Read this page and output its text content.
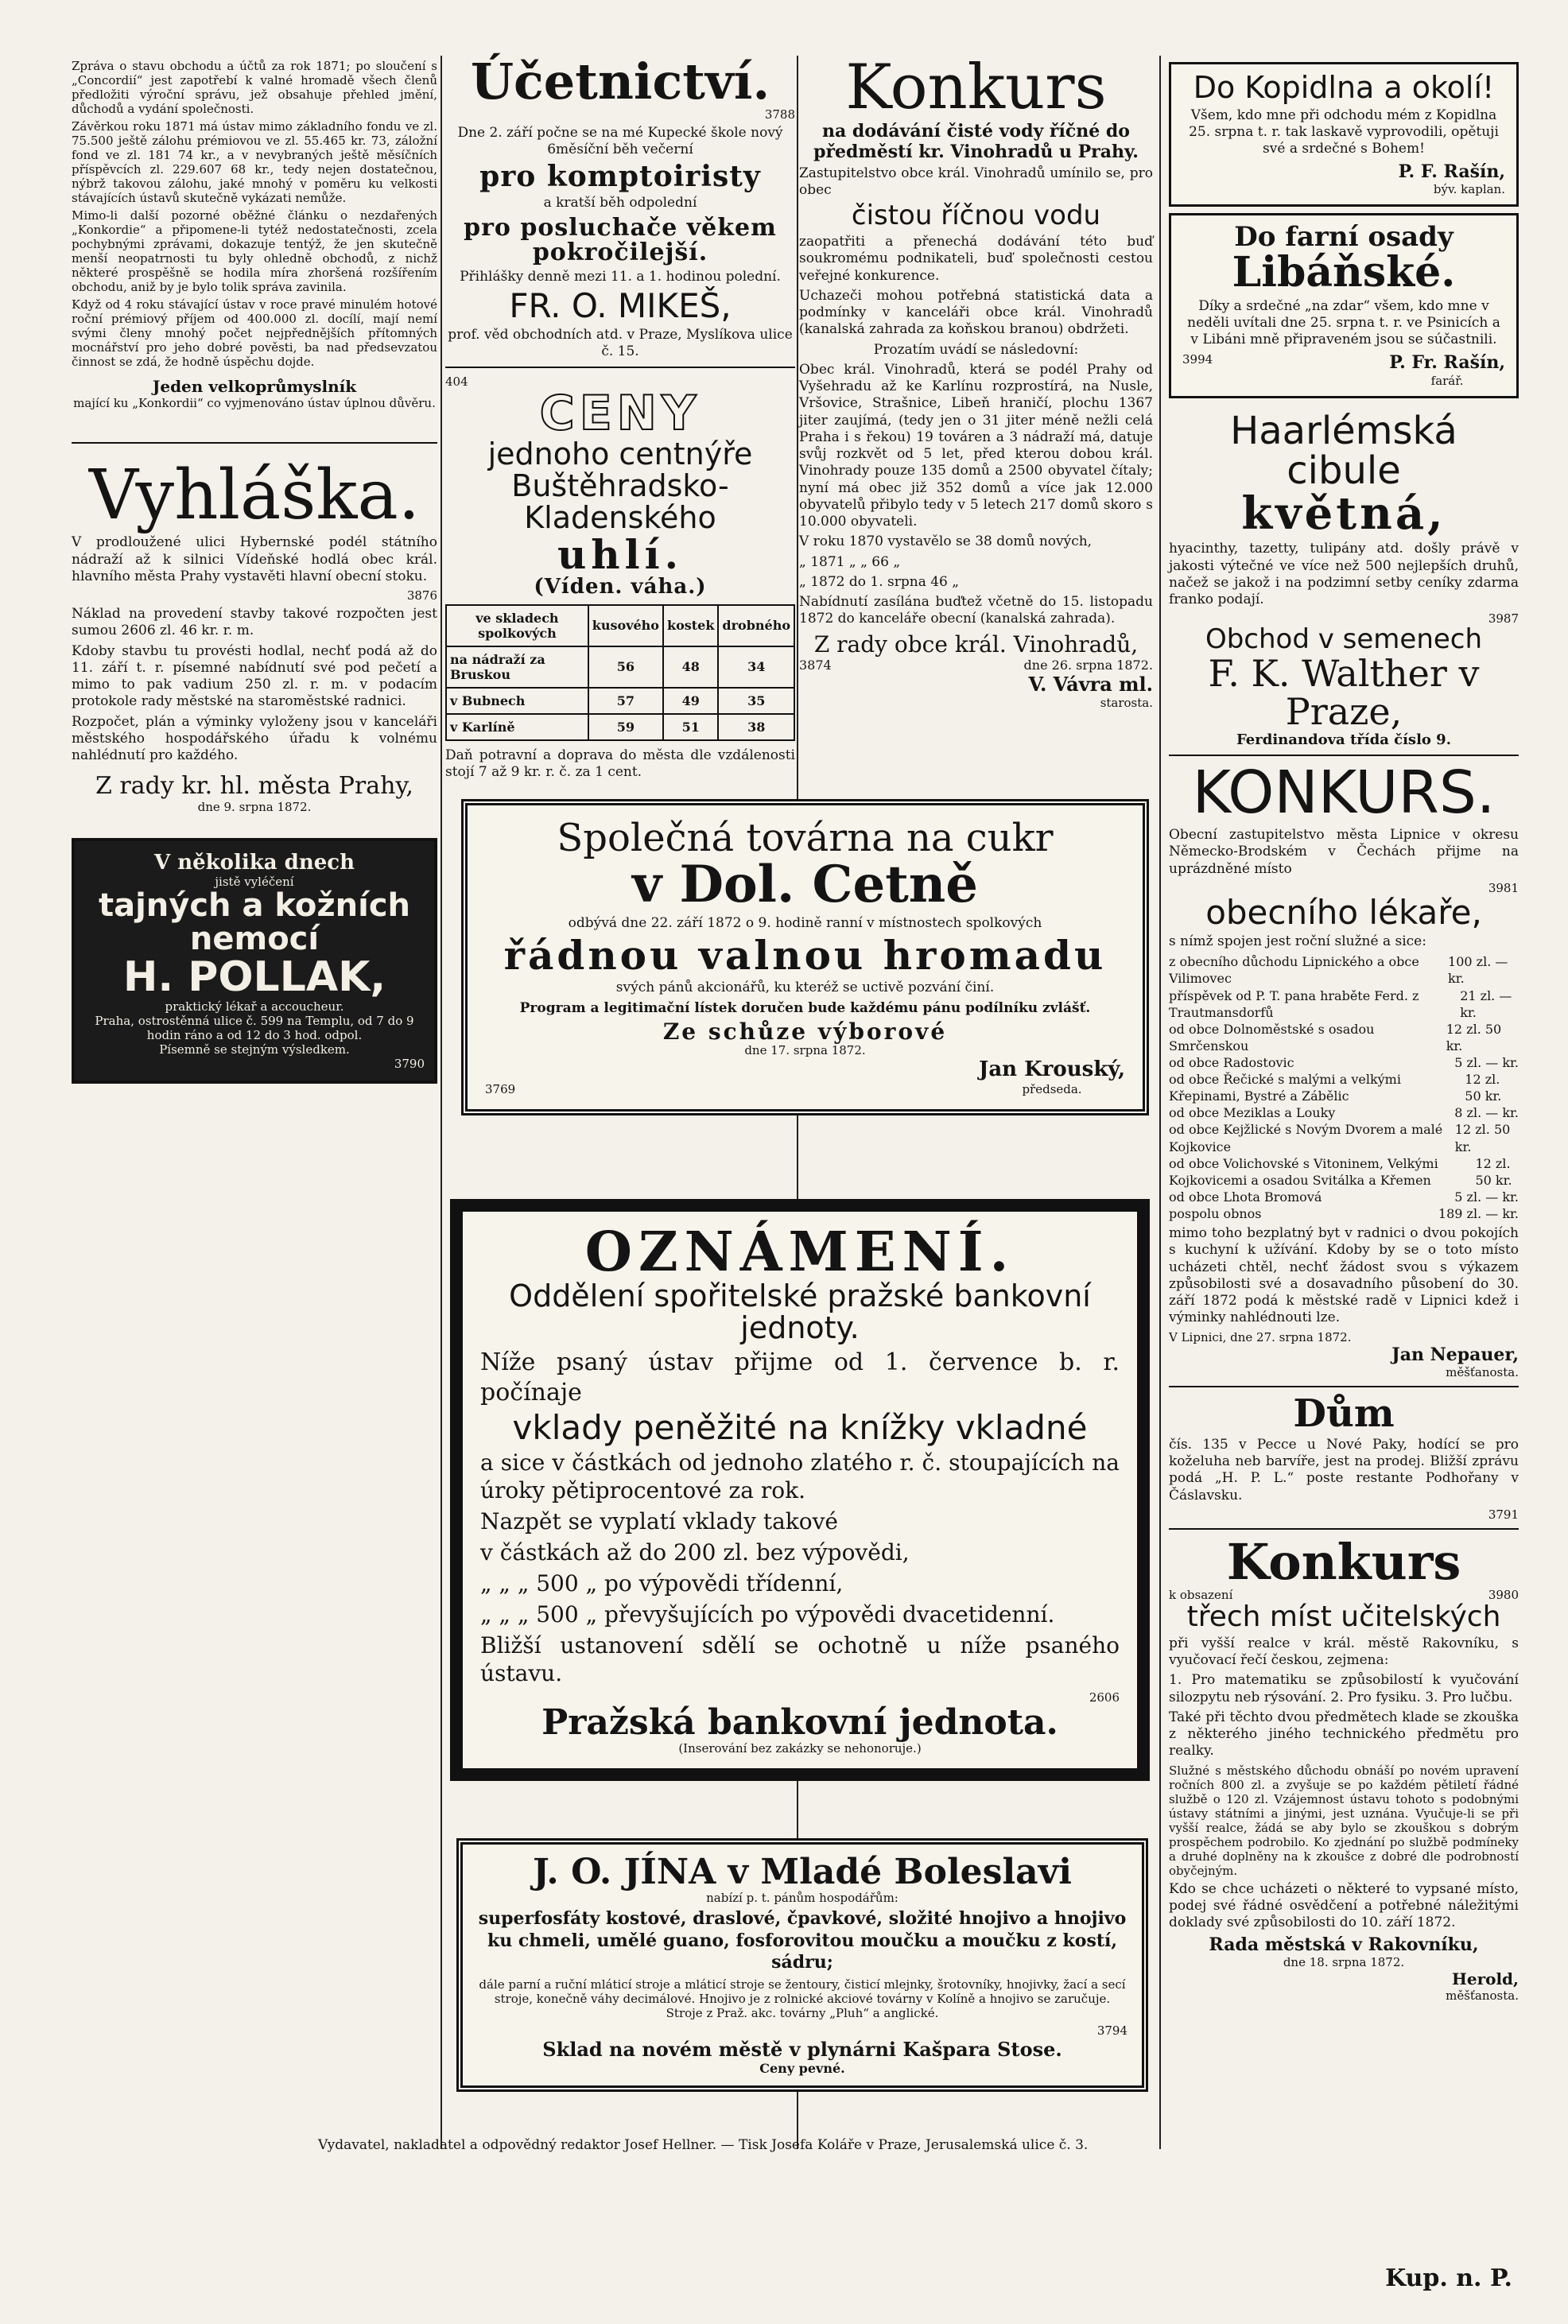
Zpráva o stavu obchodu a účtů za rok 1871; po sloučení s „Concordií“ jest zapotřebí k valné hromadě všech členů předložiti výroční správu, jež obsahuje přehled jmění, důchodů a vydání společnosti.

Závěrkou roku 1871 má ústav mimo základního fondu ve zl. 75.500 ještě zálohu prémiovou ve zl. 55.465 kr. 73, záložní fond ve zl. 181 74 kr., a v nevybraných ještě měsíčních příspěvcích zl. 229.607 68 kr., tedy nejen dostatečnou, nýbrž takovou zálohu, jaké mnohý v poměru ku velkosti stávajících ústavů skutečně vykázati nemůže.

Mimo-li další pozorné oběžné článku o nezdařených „Konkordie“ a připomene-li tytéž nedostatečnosti, zcela pochybnými zprávami, dokazuje tentýž, že jen skutečně menší neopatrnosti tu byly ohledně obchodů, z nichž některé prospěšně se hodila míra zhoršená rozšířením obchodu, aniž by je bylo tolik správa zavinila.

Když od 4 roku stávající ústav v roce pravé minulém hotové roční prémiový příjem od 400.000 zl. docílí, mají nemí svými členy mnohý počet nejpřednějších přítomných mocnářství pro jeho dobré pověsti, ba nad předsevzatou činnost se zdá, že hodně úspěchu dojde.

Jeden velkoprůmyslník
mající ku „Konkordii“ co vyjmenováno ústav úplnou důvěru.
Vyhláška.

V prodloužené ulici Hybernské podél státního nádraží až k silnici Vídeňské hodlá obec král. hlavního města Prahy vystavěti hlavní obecní stoku.

3876

Náklad na provedení stavby takové rozpočten jest sumou 2606 zl. 46 kr. r. m.

Kdoby stavbu tu provésti hodlal, nechť podá až do 11. září t. r. písemné nabídnutí své pod pečetí a mimo to pak vadium 250 zl. r. m. v podacím protokole rady městské na staroměstské radnici.

Rozpočet, plán a výminky vyloženy jsou v kanceláři městského hospodářského úřadu k volnému nahlédnutí pro každého.

Z rady kr. hl. města Prahy,
dne 9. srpna 1872.
V několika dnech
jistě vyléčení
tajných a kožních nemocí
H. POLLAK,
praktický lékař a accoucheur.
Praha, ostrostěnná ulice č. 599 na Templu, od 7 do 9 hodin ráno a od 12 do 3 hod. odpol.
Písemně se stejným výsledkem.
3790
Účetnictví.
3788

Dne 2. září počne se na mé Kupecké škole nový 6měsíční běh večerní

pro komptoiristy

a kratší běh odpolední

pro posluchače věkem pokročilejší.

Přihlášky denně mezi 11. a 1. hodinou polední.

FR. O. MIKEŠ,

prof. věd obchodních atd. v Praze, Myslíkova ulice č. 15.

404
CENY
jednoho centnýře Buštěhradsko-Kladenského
uhlí.
(Víden. váha.)
ve skladech spolkových	kusového	kostek	drobného
na nádraží za Bruskou	56	48	34
v Bubnech	57	49	35
v Karlíně	59	51	38

Daň potravní a doprava do města dle vzdálenosti stojí 7 až 9 kr. r. č. za 1 cent.

Konkurs
na dodávání čisté vody říčné do předměstí kr. Vinohradů u Prahy.

Zastupitelstvo obce král. Vinohradů umínilo se, pro obec

čistou říčnou vodu

zaopatřiti a přenechá dodávání této buď soukromému podnikateli, buď společnosti cestou veřejné konkurence.

Uchazeči mohou potřebná statistická data a podmínky v kanceláři obce král. Vinohradů (kanalská zahrada za koňskou branou) obdržeti.

Prozatím uvádí se následovní:

Obec král. Vinohradů, která se podél Prahy od Vyšehradu až ke Karlínu rozprostírá, na Nusle, Vršovice, Strašnice, Libeň hraničí, plochu 1367 jiter zaujímá, (tedy jen o 31 jiter méně nežli celá Praha i s řekou) 19 továren a 3 nádraží má, datuje svůj rozkvět od 5 let, před kterou dobou král. Vinohrady pouze 135 domů a 2500 obyvatel čítaly; nyní má obec již 352 domů a více jak 12.000 obyvatelů přibylo tedy v 5 letech 217 domů skoro s 10.000 obyvateli.

V roku 1870 vystavělo se 38 domů nových,

„ 1871 „ „ 66 „

„ 1872 do 1. srpna 46 „

Nabídnutí zasílána buďtež včetně do 15. listopadu 1872 do kanceláře obecní (kanalská zahrada).

Z rady obce král. Vinohradů,
3874	dne 26. srpna 1872.
V. Vávra ml.
starosta.
Společná továrna na cukr
v Dol. Cetně

odbývá dne 22. září 1872 o 9. hodině ranní v místnostech spolkových

řádnou valnou hromadu

svých pánů akcionářů, ku kteréž se uctivě pozvání činí.

Program a legitimační lístek doručen bude každému pánu podílníku zvlášť.

Ze schůze výborové
dne 17. srpna 1872.
3769
Jan Krouský,
předseda.
OZNÁMENÍ.
Oddělení spořitelské pražské bankovní jednoty.

Níže psaný ústav přijme od 1. července b. r. počínaje

vklady peněžité na knížky vkladné

a sice v částkách od jednoho zlatého r. č. stoupajících na úroky pětiprocentové za rok.

Nazpět se vyplatí vklady takové

v částkách až do 200 zl. bez výpovědi,

„ „ „ 500 „ po výpovědi třídenní,

„ „ „ 500 „ převyšujících po výpovědi dvacetidenní.

Bližší ustanovení sdělí se ochotně u níže psaného ústavu.

2606
Pražská bankovní jednota.
(Inserování bez zakázky se nehonoruje.)
J. O. JÍNA v Mladé Boleslavi
nabízí p. t. pánům hospodářům:

superfosfáty kostové, draslové, čpavkové, složité hnojivo a hnojivo ku chmeli, umělé guano, fosforovitou moučku a moučku z kostí, sádru;

dále parní a ruční mláticí stroje a mláticí stroje se žentoury, čisticí mlejnky, šrotovníky, hnojivky, žací a secí stroje, konečně váhy decimálové. Hnojivo je z rolnické akciové továrny v Kolíně a hnojivo se zaručuje. Stroje z Praž. akc. továrny „Pluh“ a anglické.

3794
Sklad na novém městě v plynárni Kašpara Stose.
Ceny pevné.
Do Kopidlna a okolí!

Všem, kdo mne při odchodu mém z Kopidlna 25. srpna t. r. tak laskavě vyprovodili, opětuji své a srdečné s Bohem!

P. F. Rašín,
býv. kaplan.
Do farní osady
Libáňské.

Díky a srdečné „na zdar“ všem, kdo mne v neděli uvítali dne 25. srpna t. r. ve Psinicích a v Libáni mně připraveném jsou se súčastnili.

3994	P. Fr. Rašín,
farář.
Haarlémská cibule
květná,

hyacinthy, tazetty, tulipány atd. došly právě v jakosti výtečné ve více než 500 nejlepších druhů, načež se jakož i na podzimní setby ceníky zdarma franko podají.

3987
Obchod v semenech
F. K. Walther v Praze,
Ferdinandova třída číslo 9.
KONKURS.

Obecní zastupitelstvo města Lipnice v okresu Německo-Brodském v Čechách přijme na uprázdněné místo

3981
obecního lékaře,

s nímž spojen jest roční služné a sice:

z obecního důchodu Lipnického a obce Vilimovec
100 zl. — kr.
příspěvek od P. T. pana hraběte Ferd. z Trautmansdorfů
21 zl. — kr.
od obce Dolnoměstské s osadou Smrčenskou
12 zl. 50 kr.
od obce Radostovic	5 zl. — kr.
od obce Řečické s malými a velkými Křepinami, Bystré a Zábělic
12 zl. 50 kr.
od obce Meziklas a Louky	8 zl. — kr.
od obce Kejžlické s Novým Dvorem a malé Kojkovice
12 zl. 50 kr.
od obce Volichovské s Vitoninem, Velkými Kojkovicemi a osadou Svitálka a Křemen
12 zl. 50 kr.
od obce Lhota Bromová	5 zl. — kr.
pospolu obnos	189 zl. — kr.

mimo toho bezplatný byt v radnici o dvou pokojích s kuchyní k užívání. Kdoby by se o toto místo ucházeti chtěl, nechť žádost svou s výkazem způsobilosti své a dosavadního působení do 30. září 1872 podá k městské radě v Lipnici kdež i výminky nahlédnouti lze.

V Lipnici, dne 27. srpna 1872.
Jan Nepauer,
měšťanosta.
Dům

čís. 135 v Pecce u Nové Paky, hodící se pro koželuha neb barvíře, jest na prodej. Bližší zprávu podá „H. P. L.“ poste restante Podhořany v Čáslavsku.

3791
Konkurs
k obsazení	3980
třech míst učitelských

při vyšší realce v král. městě Rakovníku, s vyučovací řečí českou, zejmena:

1. Pro matematiku se způsobilostí k vyučování silozpytu neb rýsování. 2. Pro fysiku. 3. Pro lučbu.

Také při těchto dvou předmětech klade se zkouška z některého jiného technického předmětu pro realky.

Služné s městského důchodu obnáší po novém upravení ročních 800 zl. a zvyšuje se po každém pětiletí řádné službě o 120 zl. Vzájemnost ústavu tohoto s podobnými ústavy státními a jinými, jest uznána. Vyučuje-li se při vyšší realce, žádá se aby bylo se zkouškou s dobrým prospěchem podrobilo. Ko zjednání po službě podmíneky a druhé doplněny na k zkoušce z dobré dle podrobností obyčejným.

Kdo se chce ucházeti o některé to vypsané místo, podej své řádné osvědčení a potřebné náležitými doklady své způsobilosti do 10. září 1872.

Rada městská v Rakovníku,
dne 18. srpna 1872.
Herold,
měšťanosta.
Vydavatel, nakladatel a odpovědný redaktor Josef Hellner. — Tisk Josefa Koláře v Praze, Jerusalemská ulice č. 3.
Kup. n. P.
